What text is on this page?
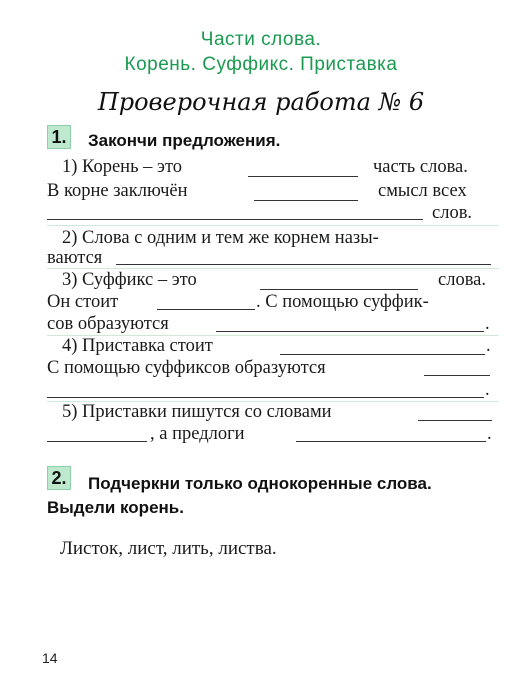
Части слова.
Корень. Суффикс. Приставка
Проверочная работа № 6
1. Закончи предложения.
1) Корень – это	часть слова.
В корне заключён	смысл всех
слов.
2) Слова с одним и тем же корнем назы-
ваются
3) Суффикс – это	слова.
Он стоит	. С помощью суффик-
сов образуются	.
4) Приставка стоит	.
С помощью суффиксов образуются
.
5) Приставки пишутся со словами
, а предлоги	.
2. Подчеркни только однокоренные слова.
Выдели корень.
Листок, лист, лить, листва.
14
